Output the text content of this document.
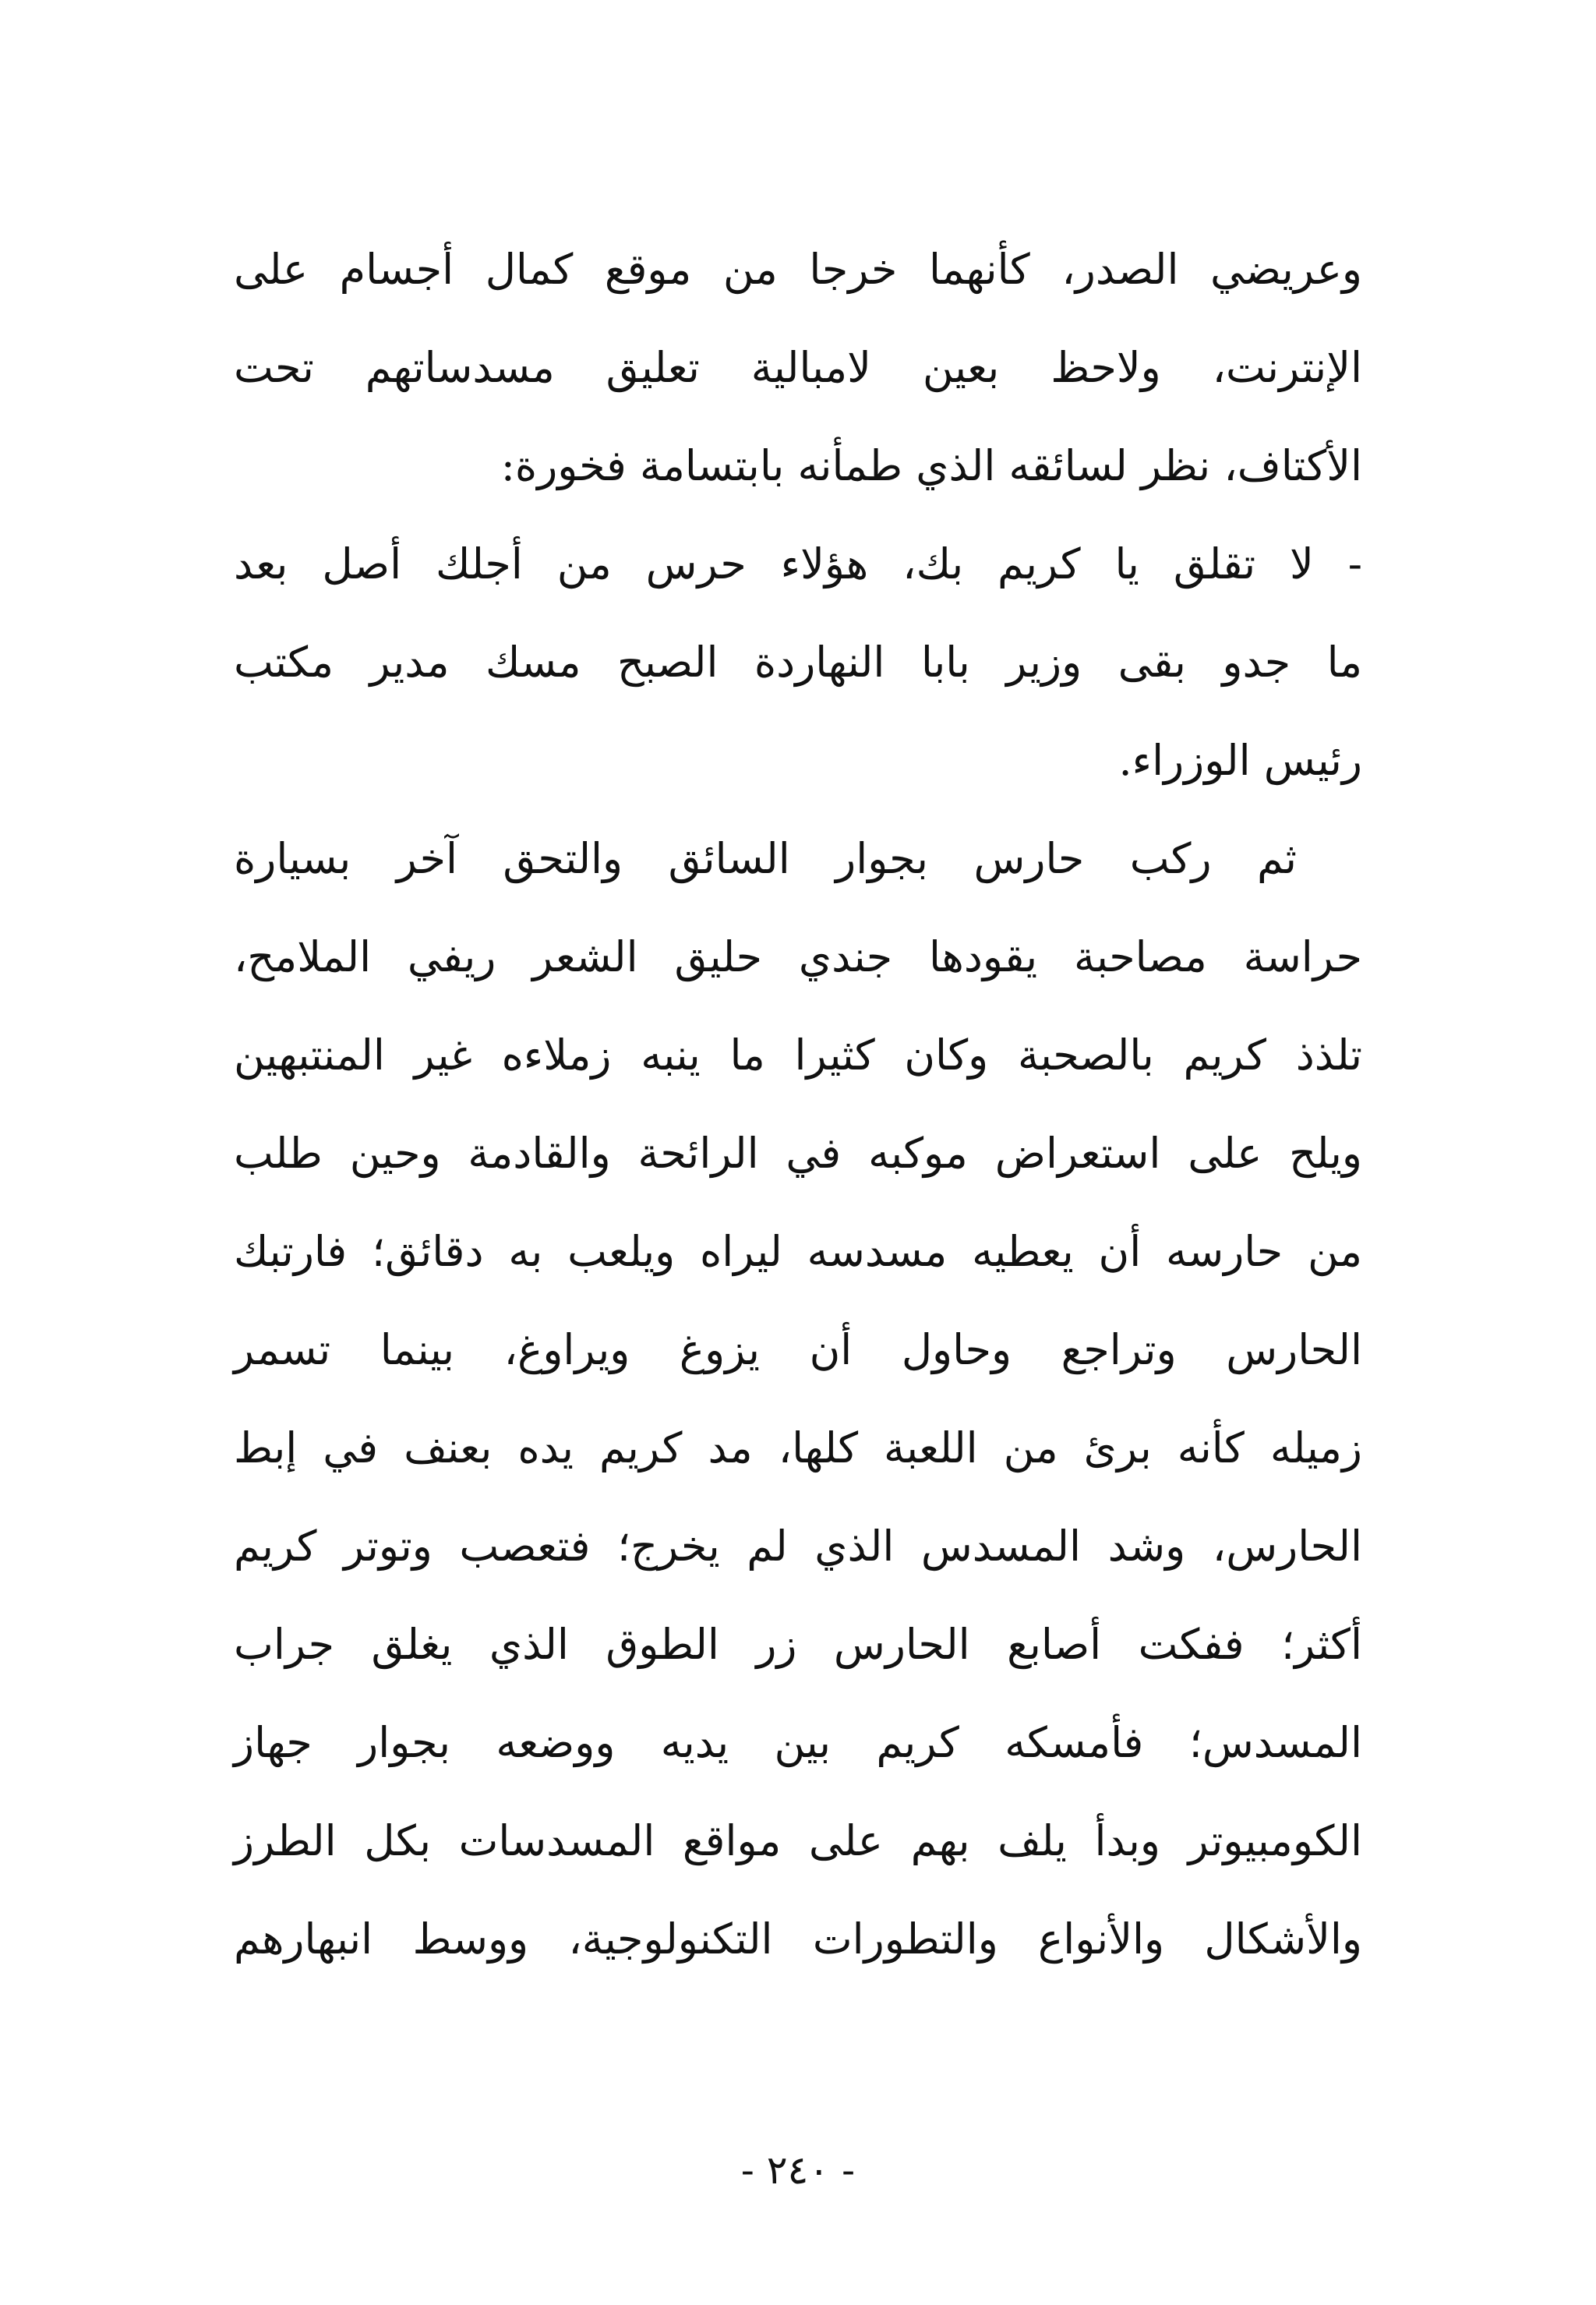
وعريضي الصدر، كأنهما خرجا من موقع كمال أجسام على
الإنترنت، ولاحظ بعين لامبالية تعليق مسدساتهم تحت
الأكتاف، نظر لسائقه الذي طمأنه بابتسامة فخورة:
- لا تقلق يا كريم بك، هؤلاء حرس من أجلك أصل بعد
ما جدو بقى وزير بابا النهاردة الصبح مسك مدير مكتب
رئيس الوزراء.
ثم ركب حارس بجوار السائق والتحق آخر بسيارة
حراسة مصاحبة يقودها جندي حليق الشعر ريفي الملامح،
تلذذ كريم بالصحبة وكان كثيرا ما ينبه زملاءه غير المنتبهين
ويلح على استعراض موكبه في الرائحة والقادمة وحين طلب
من حارسه أن يعطيه مسدسه ليراه ويلعب به دقائق؛ فارتبك
الحارس وتراجع وحاول أن يزوغ ويراوغ، بينما تسمر
زميله كأنه برئ من اللعبة كلها، مد كريم يده بعنف في إبط
الحارس، وشد المسدس الذي لم يخرج؛ فتعصب وتوتر كريم
أكثر؛ ففكت أصابع الحارس زر الطوق الذي يغلق جراب
المسدس؛ فأمسكه كريم بين يديه ووضعه بجوار جهاز
الكومبيوتر وبدأ يلف بهم على مواقع المسدسات بكل الطرز
والأشكال والأنواع والتطورات التكنولوجية، ووسط انبهارهم
- ٢٤٠ -
